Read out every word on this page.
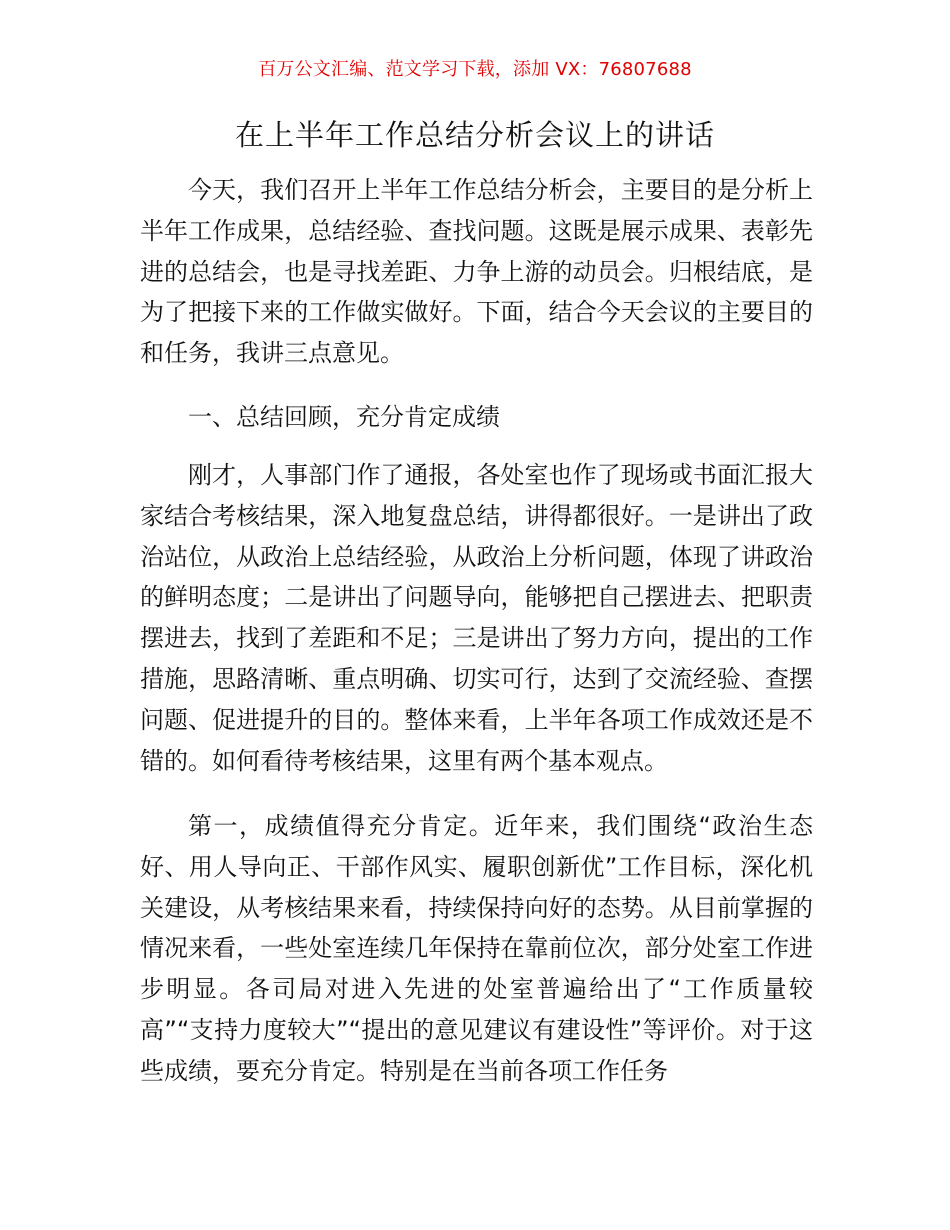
百万公文汇编、范文学习下载，添加 VX：76807688
在上半年工作总结分析会议上的讲话

今天，我们召开上半年工作总结分析会，主要目的是分析上半年工作成果，总结经验、查找问题。这既是展示成果、表彰先进的总结会，也是寻找差距、力争上游的动员会。归根结底，是为了把接下来的工作做实做好。下面，结合今天会议的主要目的和任务，我讲三点意见。

一、总结回顾，充分肯定成绩

刚才，人事部门作了通报，各处室也作了现场或书面汇报大家结合考核结果，深入地复盘总结，讲得都很好。一是讲出了政治站位，从政治上总结经验，从政治上分析问题，体现了讲政治的鲜明态度；二是讲出了问题导向，能够把自己摆进去、把职责摆进去，找到了差距和不足；三是讲出了努力方向，提出的工作措施，思路清晰、重点明确、切实可行，达到了交流经验、查摆问题、促进提升的目的。整体来看，上半年各项工作成效还是不错的。如何看待考核结果，这里有两个基本观点。

第一，成绩值得充分肯定。近年来，我们围绕“政治生态好、用人导向正、干部作风实、履职创新优”工作目标，深化机关建设，从考核结果来看，持续保持向好的态势。从目前掌握的情况来看，一些处室连续几年保持在靠前位次，部分处室工作进步明显。各司局对进入先进的处室普遍给出了“工作质量较高”“支持力度较大”“提出的意见建议有建设性”等评价。对于这些成绩，要充分肯定。特别是在当前各项工作任务
